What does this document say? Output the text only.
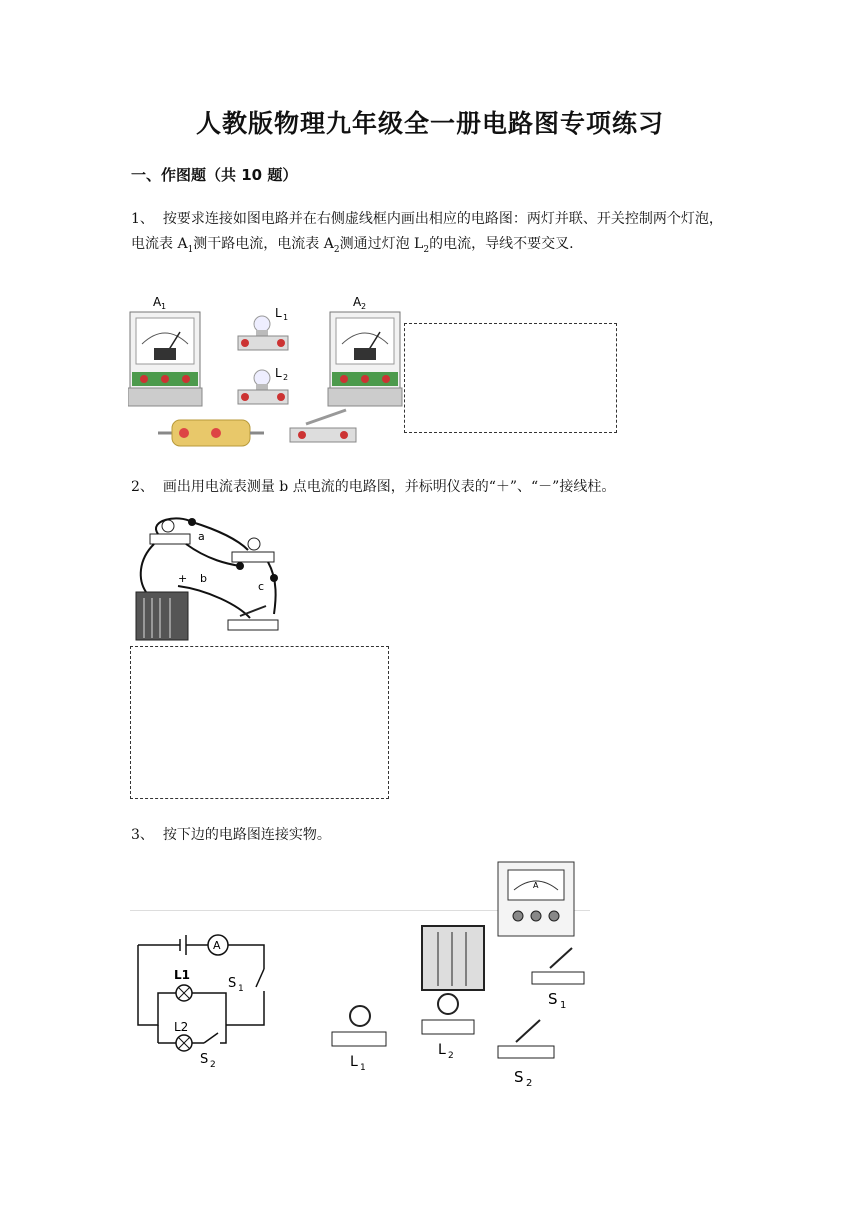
人教版物理九年级全一册电路图专项练习
一、作图题（共 10 题）
1、 按要求连接如图电路并在右侧虚线框内画出相应的电路图：两灯并联、开关控制两个灯泡，电流表 $A_1$测干路电流，电流表 $A_2$测通过灯泡 $L_2$的电流，导线不要交叉.
A 1	L 1
L 2
A 2
2、 画出用电流表测量 b 点电流的电路图，并标明仪表的“＋”、“－”接线柱。
a
b
c
+
3、 按下边的电路图连接实物。
A
L1
S 1
L2
S 2
A
S 1
L 1
L 2
S 2
